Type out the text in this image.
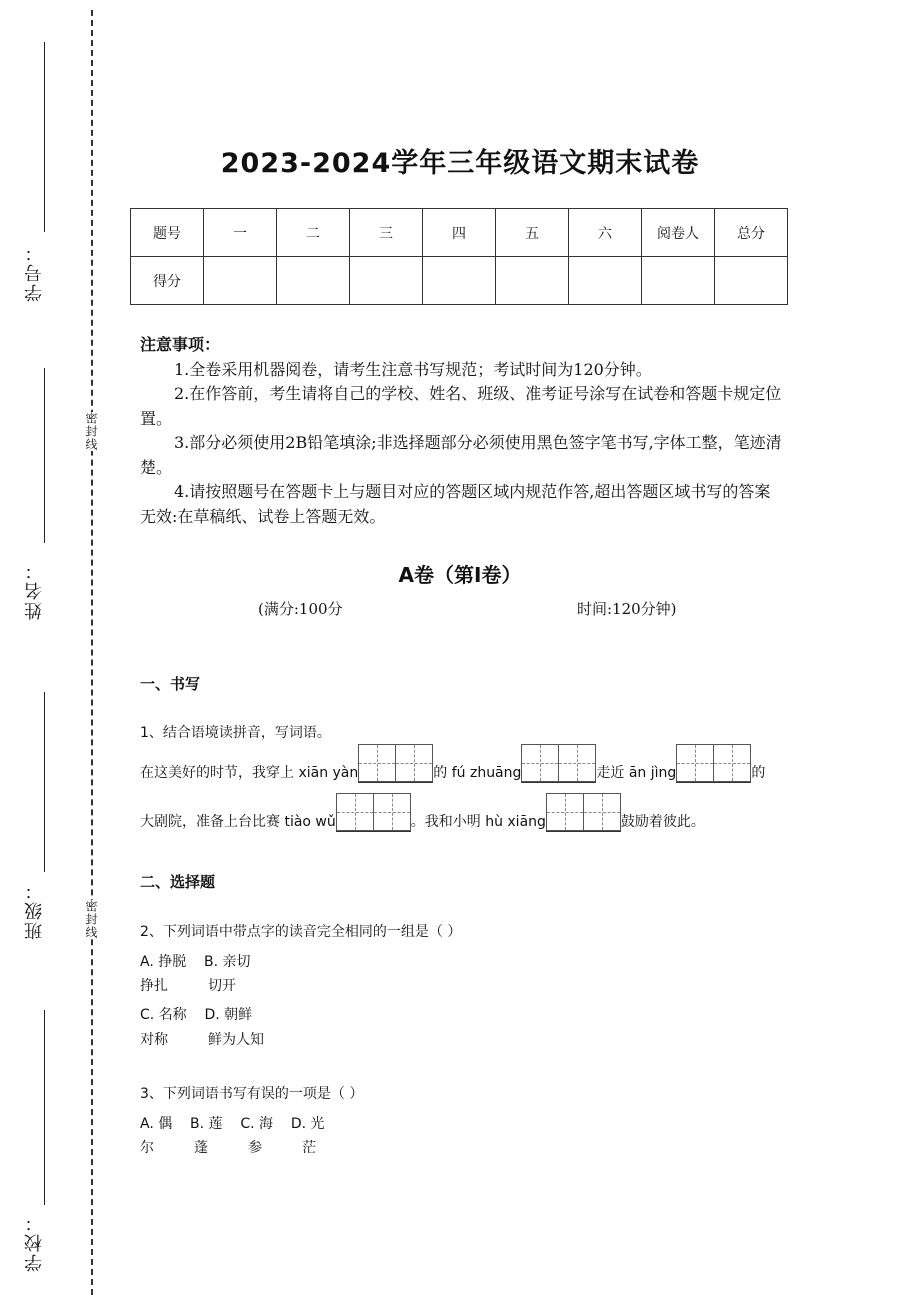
学号：
密封线
姓名：
班级：	密封线
学校：
2023-2024学年三年级语文期末试卷
题号	一	二	三	四	五	六	阅卷人	总分
得分								
注意事项：
1.全卷采用机器阅卷，请考生注意书写规范；考试时间为120分钟。
2.在作答前，考生请将自己的学校、姓名、班级、准考证号涂写在试卷和答题卡规定位置。
3.部分必须使用2B铅笔填涂;非选择题部分必须使用黑色签字笔书写,字体工整，笔迹清楚。
4.请按照题号在答题卡上与题目对应的答题区域内规范作答,超出答题区域书写的答案无效:在草稿纸、试卷上答题无效。
A卷（第I卷）
(满分:100分	时间:120分钟)
一、书写
1、结合语境读拼音，写词语。
在这美好的时节，我穿上 xiān yàn	的 fú zhuāng	走近 ān jìng	的
大剧院，准备上台比赛 tiào wǔ	。我和小明 hù xiāng	鼓励着彼此。
二、选择题
2、下列词语中带点字的读音完全相同的一组是（ ）
A. 挣脱    B. 亲切
挣扎         切开
C. 名称    D. 朝鲜
对称         鲜为人知
3、下列词语书写有误的一项是（ ）
A. 偶    B. 莲    C. 海    D. 光
尔         蓬         参         茫
